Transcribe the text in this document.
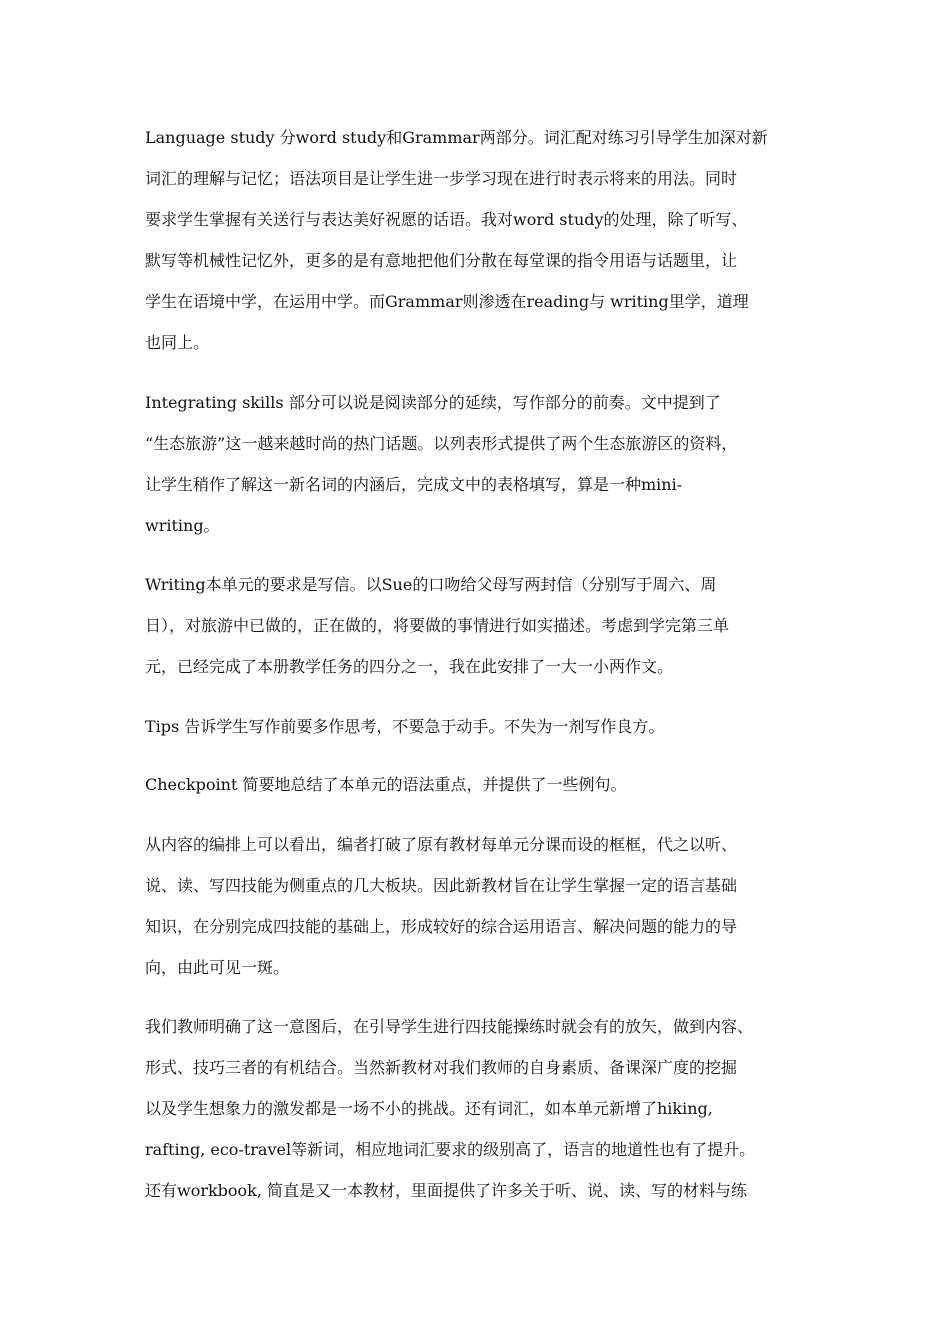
Language study 分word study和Grammar两部分。词汇配对练习引导学生加深对新
词汇的理解与记忆；语法项目是让学生进一步学习现在进行时表示将来的用法。同时
要求学生掌握有关送行与表达美好祝愿的话语。我对word study的处理，除了听写、
默写等机械性记忆外，更多的是有意地把他们分散在每堂课的指令用语与话题里，让
学生在语境中学，在运用中学。而Grammar则渗透在reading与 writing里学，道理
也同上。
Integrating skills 部分可以说是阅读部分的延续，写作部分的前奏。文中提到了
“生态旅游”这一越来越时尚的热门话题。以列表形式提供了两个生态旅游区的资料，
让学生稍作了解这一新名词的内涵后，完成文中的表格填写，算是一种mini-
writing。
Writing本单元的要求是写信。以Sue的口吻给父母写两封信（分别写于周六、周
日），对旅游中已做的，正在做的，将要做的事情进行如实描述。考虑到学完第三单
元，已经完成了本册教学任务的四分之一，我在此安排了一大一小两作文。
Tips 告诉学生写作前要多作思考，不要急于动手。不失为一剂写作良方。
Checkpoint 简要地总结了本单元的语法重点，并提供了一些例句。
从内容的编排上可以看出，编者打破了原有教材每单元分课而设的框框，代之以听、
说、读、写四技能为侧重点的几大板块。因此新教材旨在让学生掌握一定的语言基础
知识，在分别完成四技能的基础上，形成较好的综合运用语言、解决问题的能力的导
向，由此可见一斑。
我们教师明确了这一意图后，在引导学生进行四技能操练时就会有的放矢，做到内容、
形式、技巧三者的有机结合。当然新教材对我们教师的自身素质、备课深广度的挖掘
以及学生想象力的激发都是一场不小的挑战。还有词汇，如本单元新增了hiking,
rafting, eco-travel等新词，相应地词汇要求的级别高了，语言的地道性也有了提升。
还有workbook, 简直是又一本教材，里面提供了许多关于听、说、读、写的材料与练
